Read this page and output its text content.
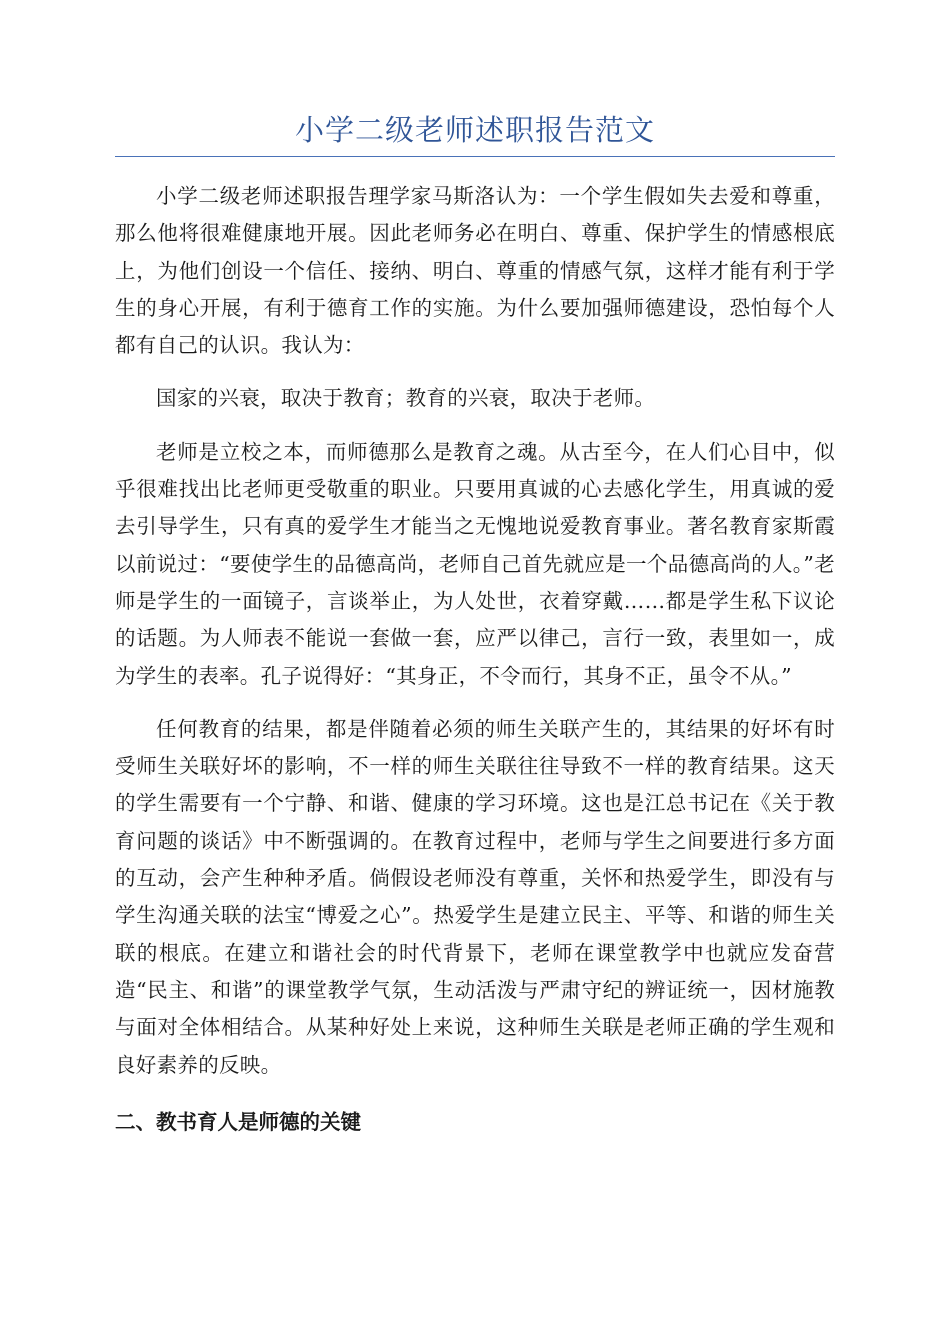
小学二级老师述职报告范文

小学二级老师述职报告理学家马斯洛认为：一个学生假如失去爱和尊重，那么他将很难健康地开展。因此老师务必在明白、尊重、保护学生的情感根底上，为他们创设一个信任、接纳、明白、尊重的情感气氛，这样才能有利于学生的身心开展，有利于德育工作的实施。为什么要加强师德建设，恐怕每个人都有自己的认识。我认为：

国家的兴衰，取决于教育；教育的兴衰，取决于老师。

老师是立校之本，而师德那么是教育之魂。从古至今，在人们心目中，似乎很难找出比老师更受敬重的职业。只要用真诚的心去感化学生，用真诚的爱去引导学生，只有真的爱学生才能当之无愧地说爱教育事业。著名教育家斯霞以前说过：“要使学生的品德高尚，老师自己首先就应是一个品德高尚的人。”老师是学生的一面镜子，言谈举止，为人处世，衣着穿戴……都是学生私下议论的话题。为人师表不能说一套做一套，应严以律己，言行一致，表里如一，成为学生的表率。孔子说得好：“其身正，不令而行，其身不正，虽令不从。”

任何教育的结果，都是伴随着必须的师生关联产生的，其结果的好坏有时受师生关联好坏的影响，不一样的师生关联往往导致不一样的教育结果。这天的学生需要有一个宁静、和谐、健康的学习环境。这也是江总书记在《关于教育问题的谈话》中不断强调的。在教育过程中，老师与学生之间要进行多方面的互动，会产生种种矛盾。倘假设老师没有尊重，关怀和热爱学生，即没有与学生沟通关联的法宝“博爱之心”。热爱学生是建立民主、平等、和谐的师生关联的根底。在建立和谐社会的时代背景下，老师在课堂教学中也就应发奋营造“民主、和谐”的课堂教学气氛，生动活泼与严肃守纪的辨证统一，因材施教与面对全体相结合。从某种好处上来说，这种师生关联是老师正确的学生观和良好素养的反映。

二、教书育人是师德的关键
